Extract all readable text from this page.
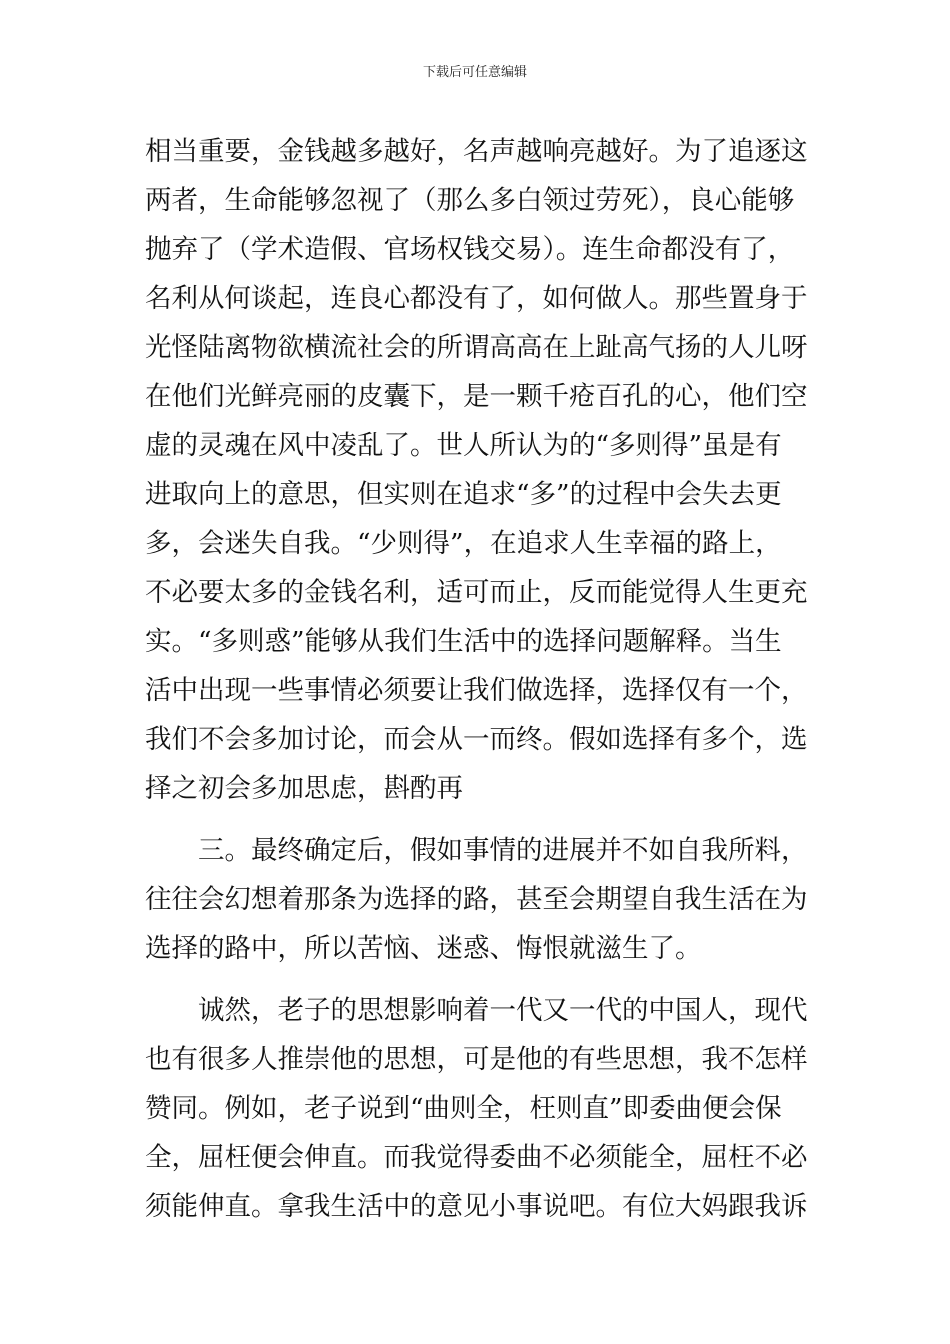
下载后可任意编辑
相当重要，金钱越多越好，名声越响亮越好。为了追逐这
两者，生命能够忽视了（那么多白领过劳死），良心能够
抛弃了（学术造假、官场权钱交易）。连生命都没有了，
名利从何谈起，连良心都没有了，如何做人。那些置身于
光怪陆离物欲横流社会的所谓高高在上趾高气扬的人儿呀
在他们光鲜亮丽的皮囊下，是一颗千疮百孔的心，他们空
虚的灵魂在风中凌乱了。世人所认为的“多则得”虽是有
进取向上的意思，但实则在追求“多”的过程中会失去更
多，会迷失自我。“少则得”，在追求人生幸福的路上，
不必要太多的金钱名利，适可而止，反而能觉得人生更充
实。“多则惑”能够从我们生活中的选择问题解释。当生
活中出现一些事情必须要让我们做选择，选择仅有一个，
我们不会多加讨论，而会从一而终。假如选择有多个，选
择之初会多加思虑，斟酌再
三。最终确定后，假如事情的进展并不如自我所料，
往往会幻想着那条为选择的路，甚至会期望自我生活在为
选择的路中，所以苦恼、迷惑、悔恨就滋生了。
诚然，老子的思想影响着一代又一代的中国人，现代
也有很多人推崇他的思想，可是他的有些思想，我不怎样
赞同。例如，老子说到“曲则全，枉则直”即委曲便会保
全，屈枉便会伸直。而我觉得委曲不必须能全，屈枉不必
须能伸直。拿我生活中的意见小事说吧。有位大妈跟我诉
